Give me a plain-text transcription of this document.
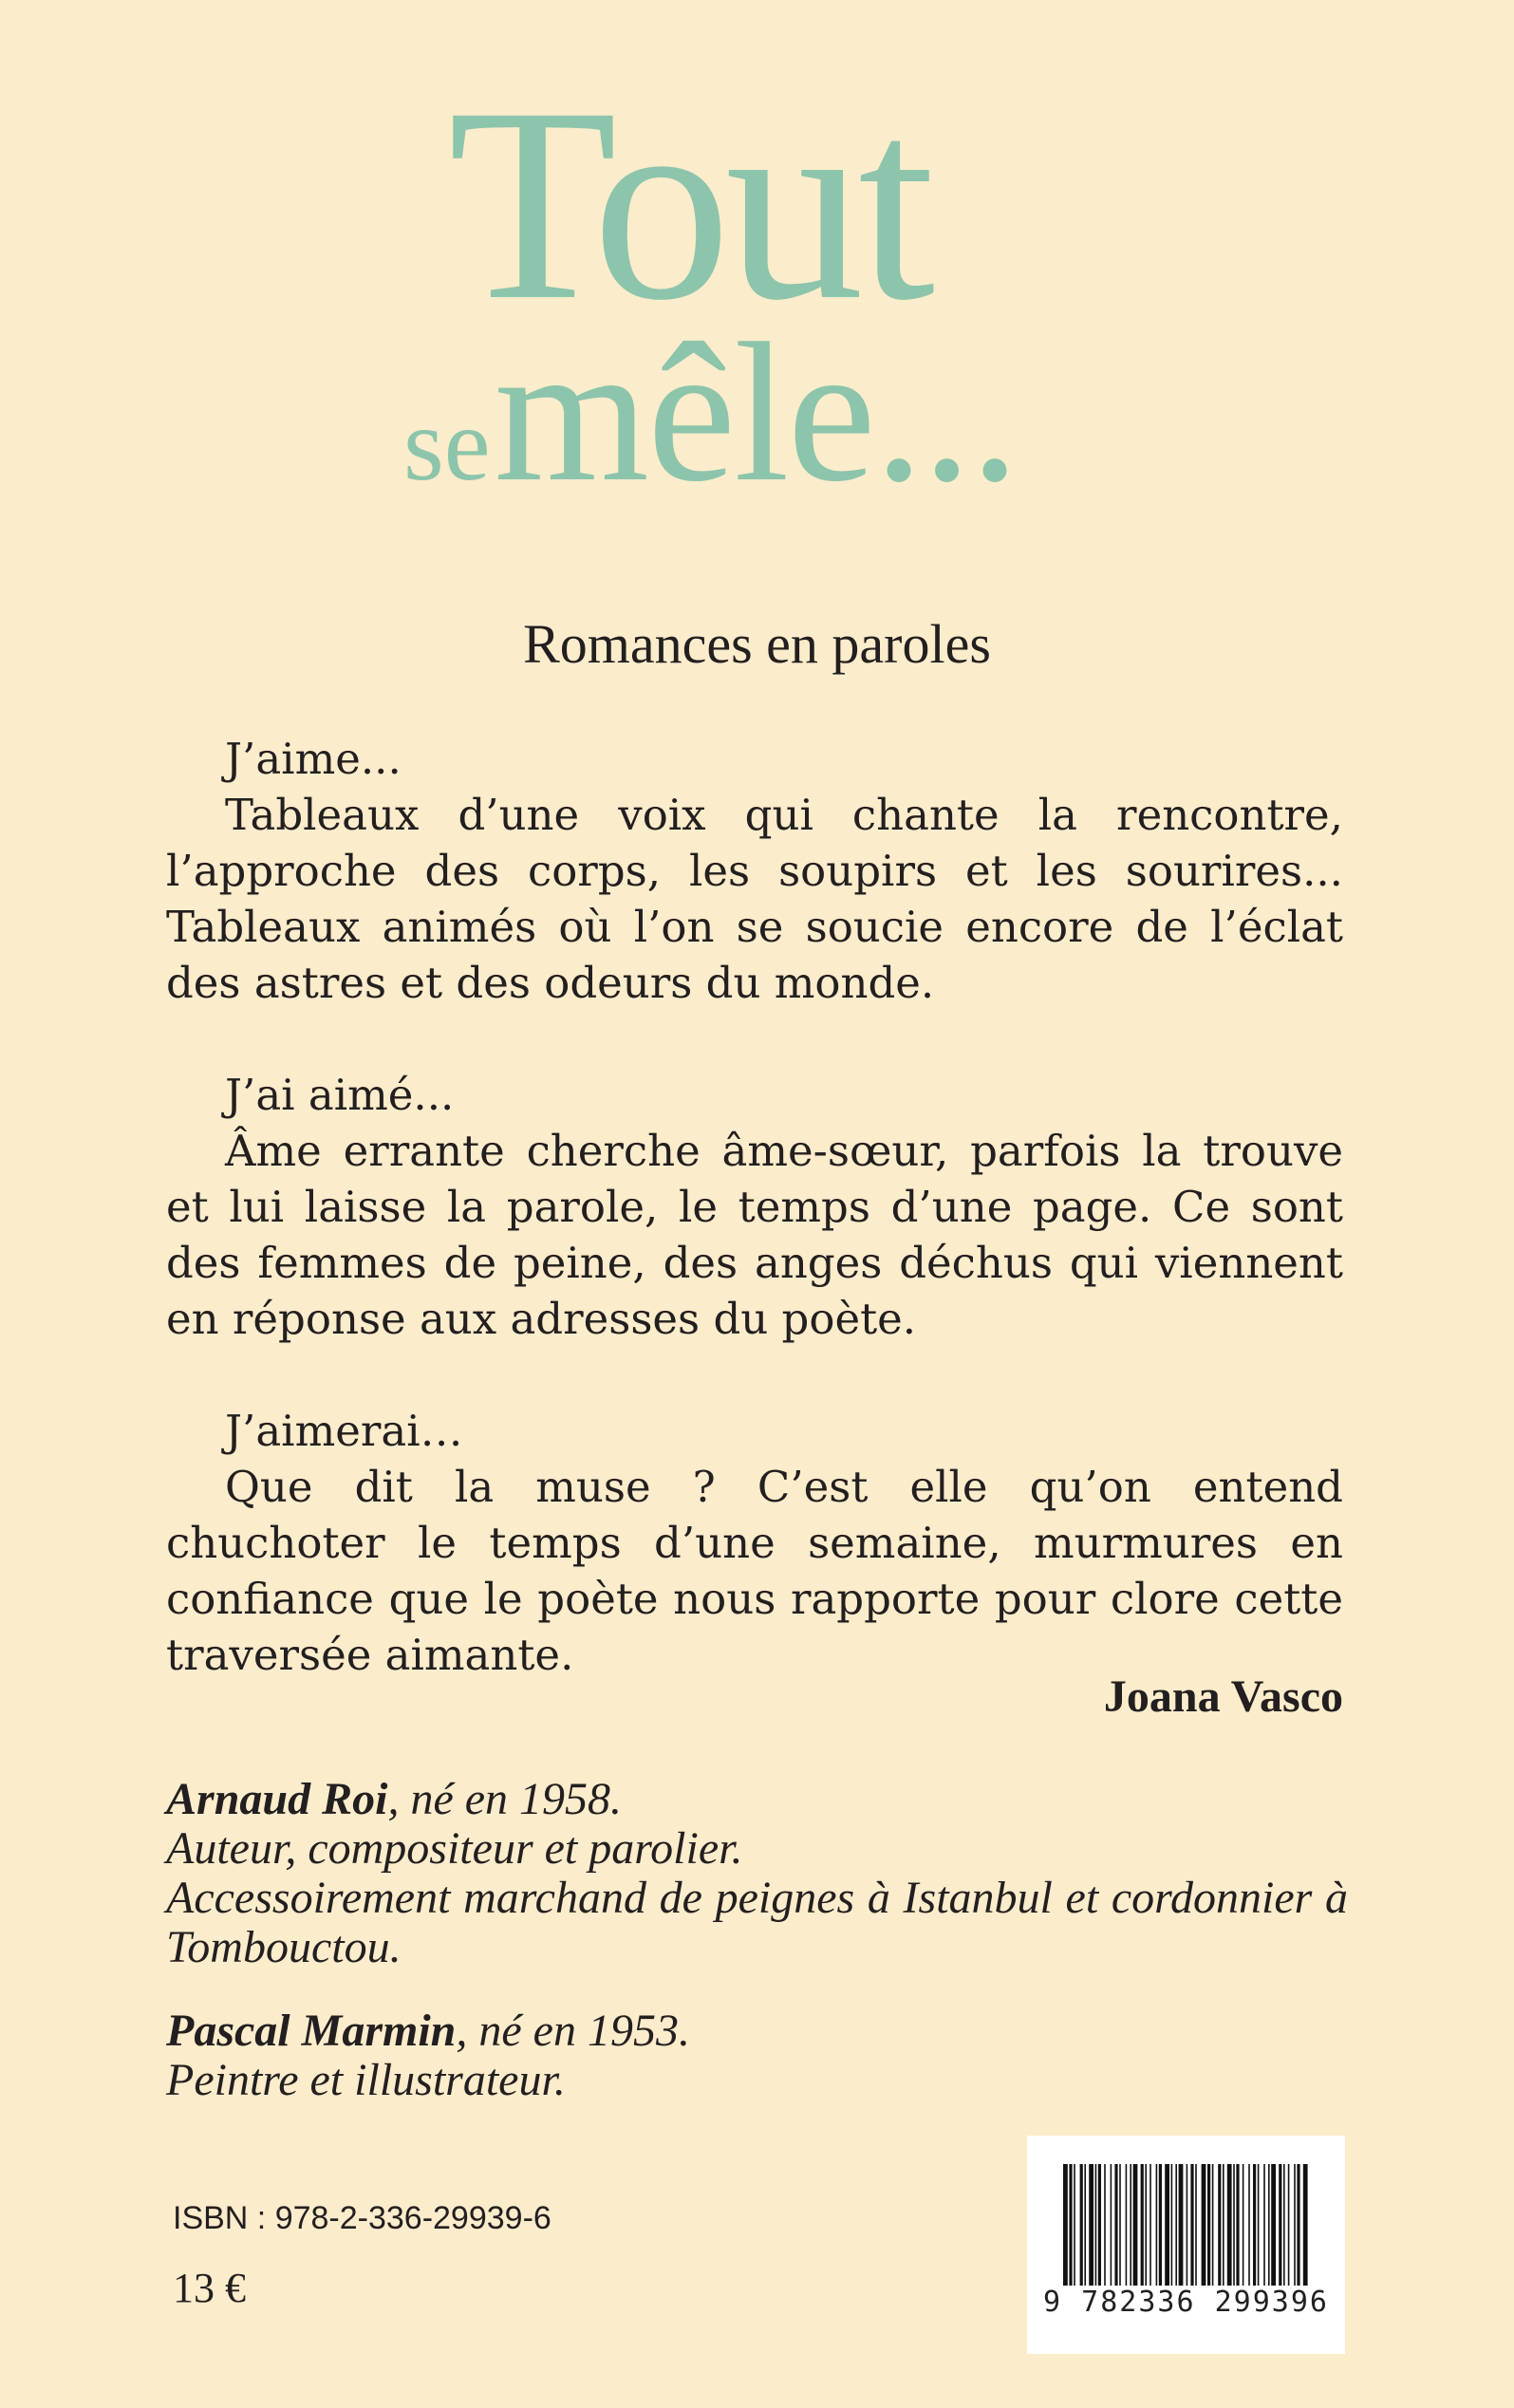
Tout
se mêle...
Romances en paroles

J’aime...

Tableaux d’une voix qui chante la rencontre, l’approche des corps, les soupirs et les sourires... Tableaux animés où l’on se soucie encore de l’éclat des astres et des odeurs du monde.

J’ai aimé...

Âme errante cherche âme-sœur, parfois la trouve et lui laisse la parole, le temps d’une page. Ce sont des femmes de peine, des anges déchus qui viennent en réponse aux adresses du poète.

J’aimerai…

Que dit la muse ? C’est elle qu’on entend chuchoter le temps d’une semaine, murmures en confiance que le poète nous rapporte pour clore cette traversée aimante.

Joana Vasco

Arnaud Roi, né en 1958.

Auteur, compositeur et parolier.

Accessoirement marchand de peignes à Istanbul et cordonnier à Tombouctou.

Pascal Marmin, né en 1953.

Peintre et illustrateur.

ISBN : 978-2-336-29939-6
13 €	9 782336 299396
